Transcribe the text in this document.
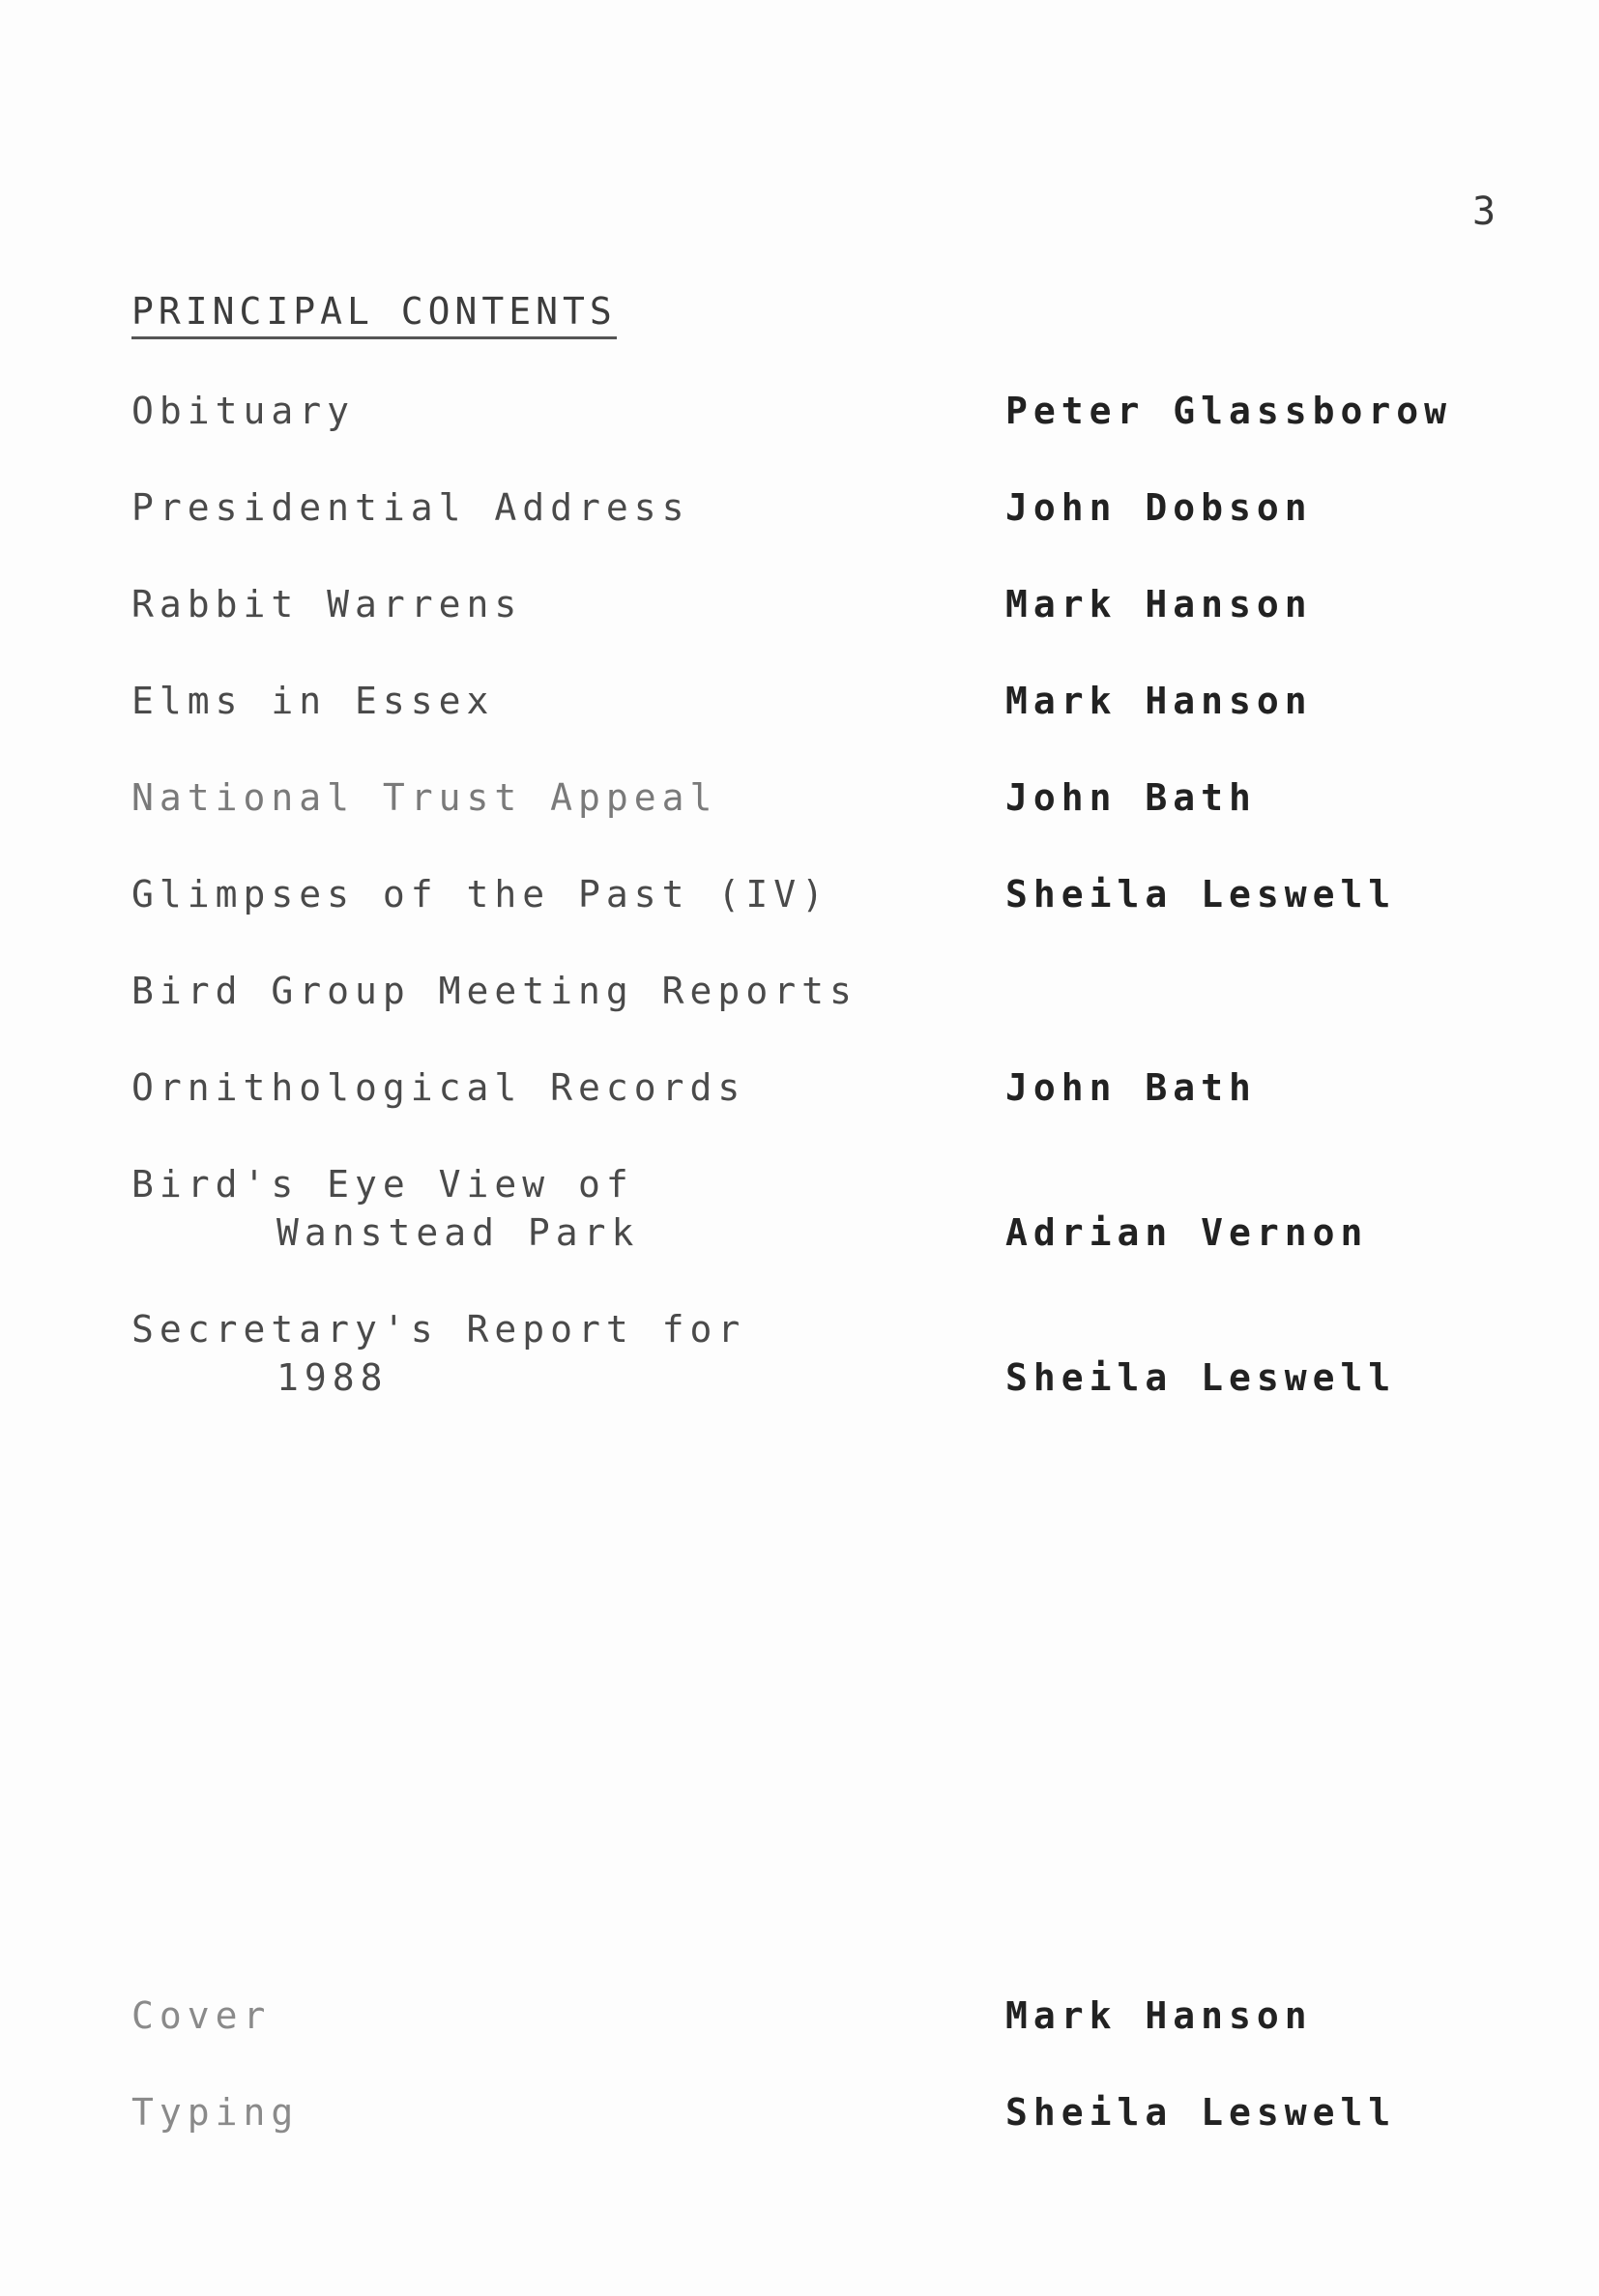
3
PRINCIPAL CONTENTS
Obituary	Peter Glassborow
Presidential Address	John Dobson
Rabbit Warrens	Mark Hanson
Elms in Essex	Mark Hanson
National Trust Appeal	John Bath
Glimpses of the Past (IV)	Sheila Leswell
Bird Group Meeting Reports
Ornithological Records	John Bath
Bird's Eye View of
Wanstead Park	Adrian Vernon
Secretary's Report for
1988	Sheila Leswell
Cover	Mark Hanson
Typing	Sheila Leswell
